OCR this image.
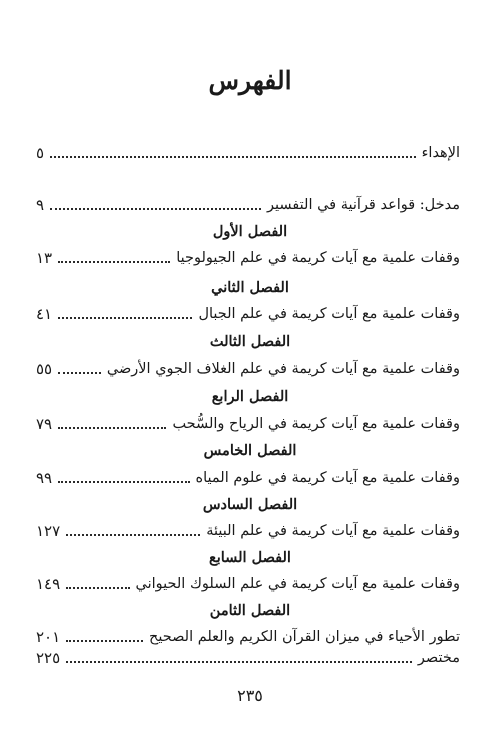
الفهرس
الإهداء
٥
مدخل: قواعد قرآنية في التفسير
٩
الفصل الأول
وقفات علمية مع آيات كريمة في علم الجيولوجيا
١٣
الفصل الثاني
وقفات علمية مع آيات كريمة في علم الجبال
٤١
الفصل الثالث
وقفات علمية مع آيات كريمة في علم الغلاف الجوي الأرضي
٥٥
الفصل الرابع
وقفات علمية مع آيات كريمة في الرياح والسُّحب
٧٩
الفصل الخامس
وقفات علمية مع آيات كريمة في علوم المياه
٩٩
الفصل السادس
وقفات علمية مع آيات كريمة في علم البيئة
١٢٧
الفصل السابع
وقفات علمية مع آيات كريمة في علم السلوك الحيواني
١٤٩
الفصل الثامن
تطور الأحياء في ميزان القرآن الكريم والعلم الصحيح
٢٠١
مختصر
٢٢٥
٢٣٥
